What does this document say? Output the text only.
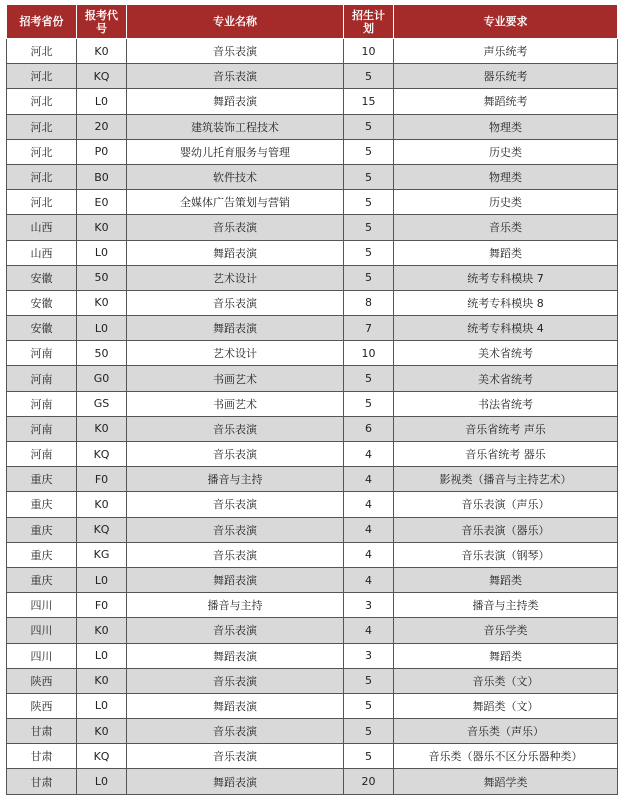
招考省份	报考代号	专业名称	招生计划	专业要求
河北	K0	音乐表演	10	声乐统考
河北	KQ	音乐表演	5	器乐统考
河北	L0	舞蹈表演	15	舞蹈统考
河北	20	建筑装饰工程技术	5	物理类
河北	P0	婴幼儿托育服务与管理	5	历史类
河北	B0	软件技术	5	物理类
河北	E0	全媒体广告策划与营销	5	历史类
山西	K0	音乐表演	5	音乐类
山西	L0	舞蹈表演	5	舞蹈类
安徽	50	艺术设计	5	统考专科模块 7
安徽	K0	音乐表演	8	统考专科模块 8
安徽	L0	舞蹈表演	7	统考专科模块 4
河南	50	艺术设计	10	美术省统考
河南	G0	书画艺术	5	美术省统考
河南	GS	书画艺术	5	书法省统考
河南	K0	音乐表演	6	音乐省统考 声乐
河南	KQ	音乐表演	4	音乐省统考 器乐
重庆	F0	播音与主持	4	影视类（播音与主持艺术）
重庆	K0	音乐表演	4	音乐表演（声乐）
重庆	KQ	音乐表演	4	音乐表演（器乐）
重庆	KG	音乐表演	4	音乐表演（钢琴）
重庆	L0	舞蹈表演	4	舞蹈类
四川	F0	播音与主持	3	播音与主持类
四川	K0	音乐表演	4	音乐学类
四川	L0	舞蹈表演	3	舞蹈类
陕西	K0	音乐表演	5	音乐类（文）
陕西	L0	舞蹈表演	5	舞蹈类（文）
甘肃	K0	音乐表演	5	音乐类（声乐）
甘肃	KQ	音乐表演	5	音乐类（器乐不区分乐器种类）
甘肃	L0	舞蹈表演	20	舞蹈学类
